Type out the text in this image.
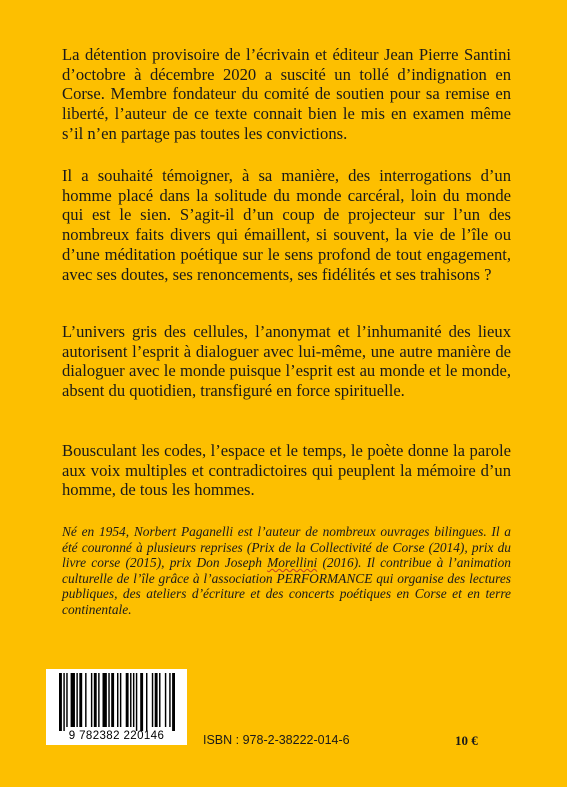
La détention provisoire de l’écrivain et éditeur Jean Pierre Santini d’octobre à décembre 2020 a suscité un tollé d’indignation en Corse. Membre fondateur du comité de soutien pour sa remise en liberté, l’auteur de ce texte connait bien le mis en examen même s’il n’en partage pas toutes les convictions.

Il a souhaité témoigner, à sa manière, des interrogations d’un homme placé dans la solitude du monde carcéral, loin du monde qui est le sien. S’agit-il d’un coup de projecteur sur l’un des nombreux faits divers qui émaillent, si souvent, la vie de l’île ou d’une méditation poétique sur le sens profond de tout engagement, avec ses doutes, ses renoncements, ses fidélités et ses trahisons ?

L’univers gris des cellules, l’anonymat et l’inhumanité des lieux autorisent l’esprit à dialoguer avec lui-même, une autre manière de dialoguer avec le monde puisque l’esprit est au monde et le monde, absent du quotidien, transfiguré en force spirituelle.

Bousculant les codes, l’espace et le temps, le poète donne la parole aux voix multiples et contradictoires qui peuplent la mémoire d’un homme, de tous les hommes.

Né en 1954, Norbert Paganelli est l’auteur de nombreux ouvrages bilingues. Il a été couronné à plusieurs reprises (Prix de la Collectivité de Corse (2014), prix du livre corse (2015), prix Don Joseph Morellini (2016). Il contribue à l’animation culturelle de l’île grâce à l’association PERFORMANCE qui organise des lectures publiques, des ateliers d’écriture et des concerts poétiques en Corse et en terre continentale.

9 782382 220146	ISBN : 978-2-38222-014-6	10 €
